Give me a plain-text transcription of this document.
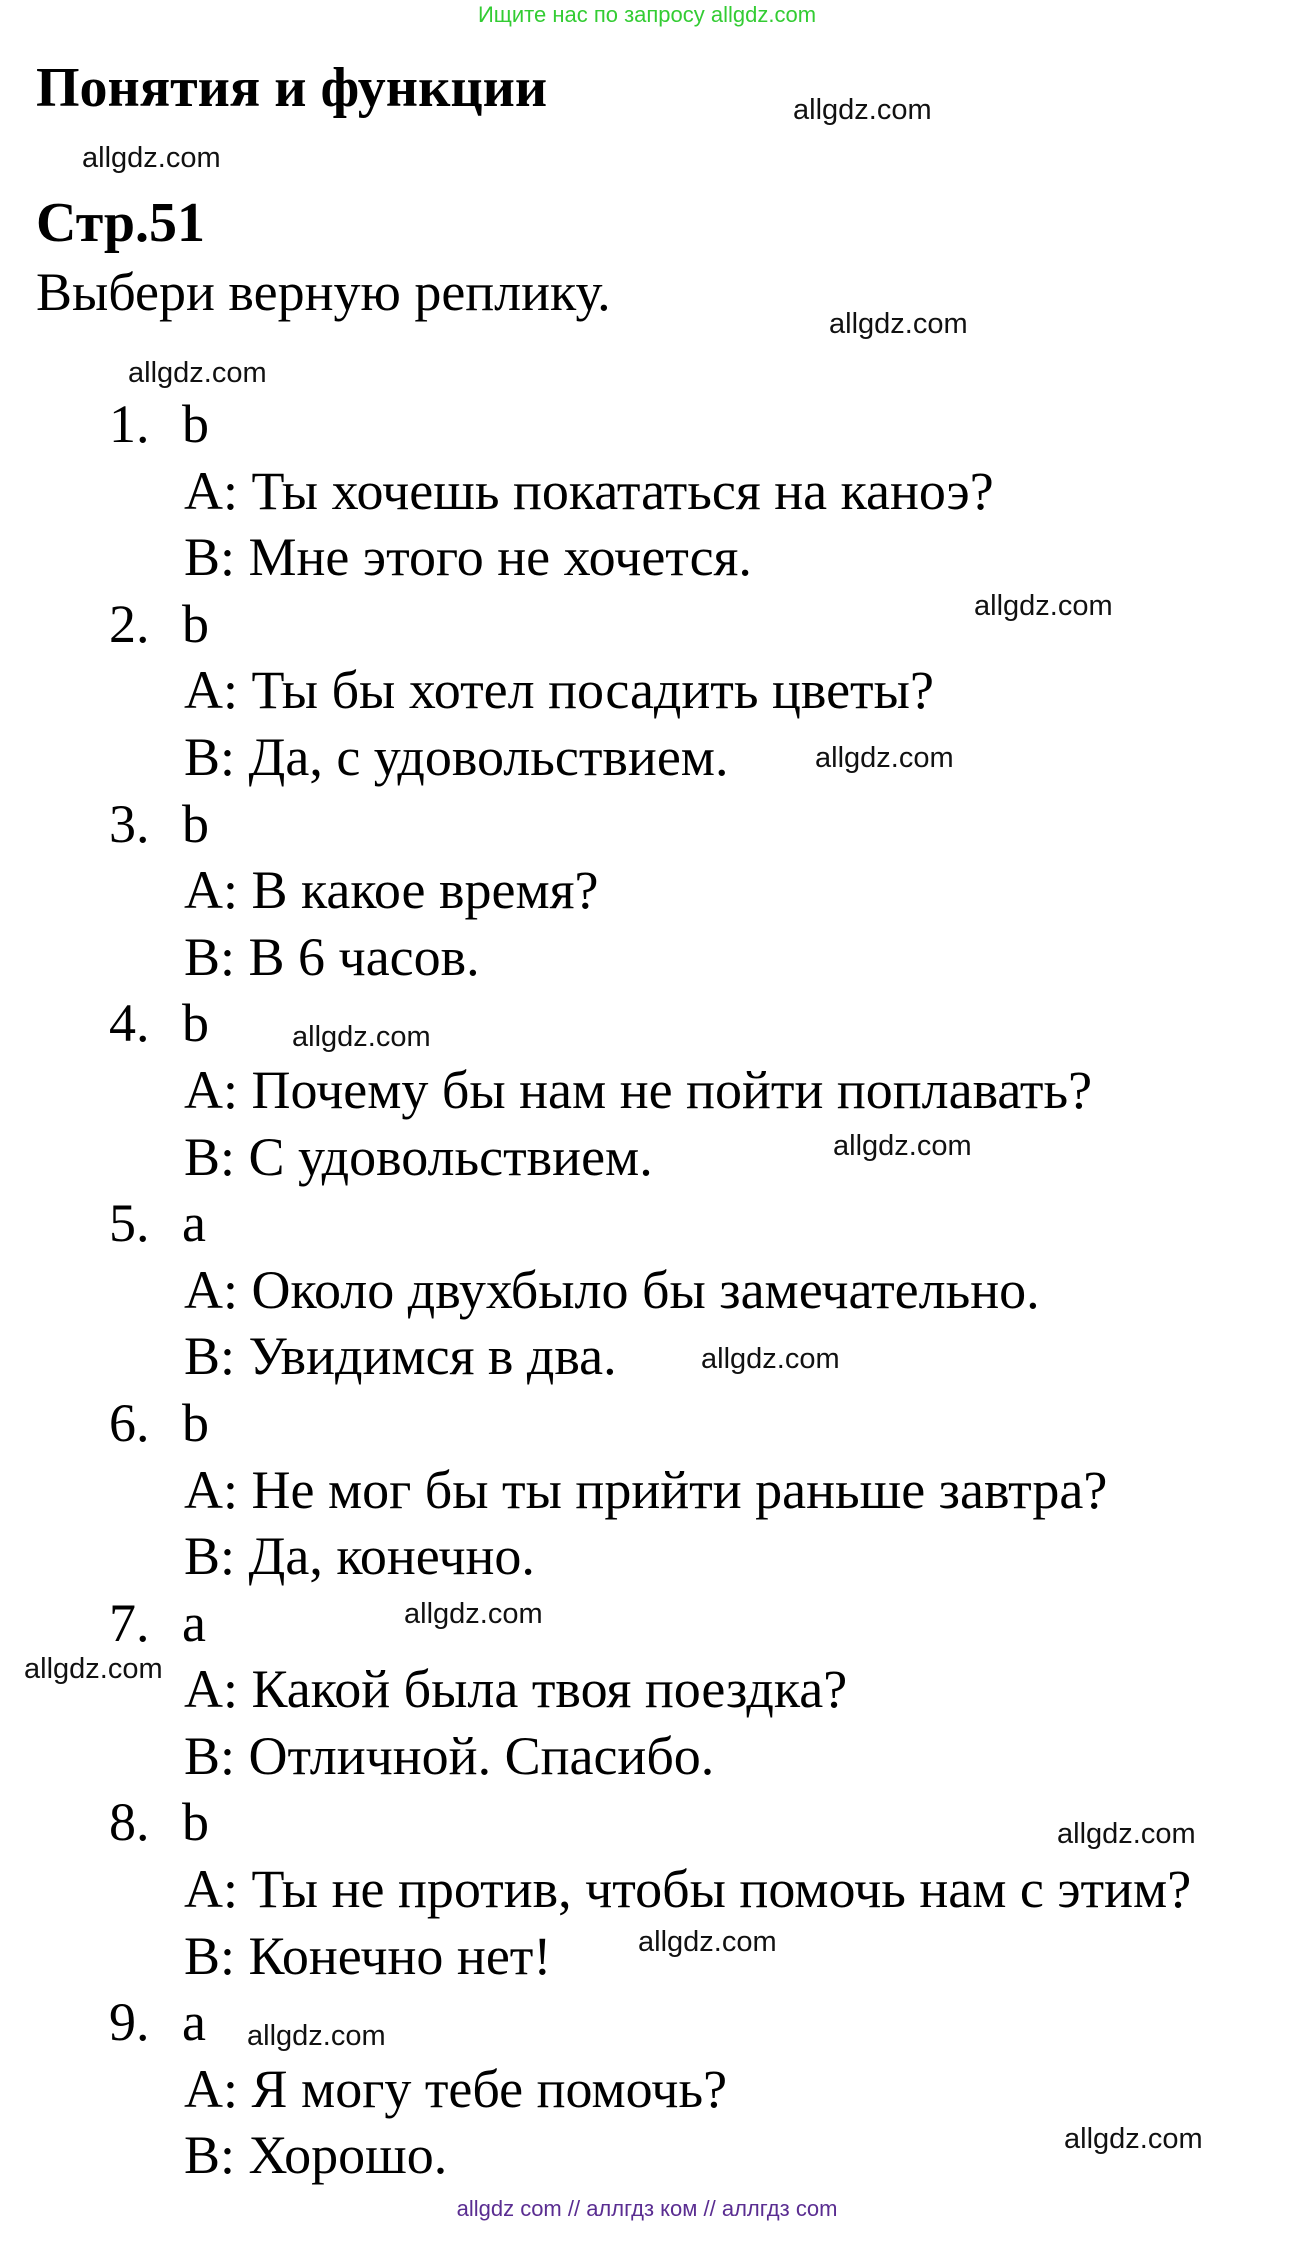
Ищите нас по запросу allgdz.com
Понятия и функции
Стр.51
Выбери верную реплику.
1. b
A: Ты хочешь покататься на каноэ?
B: Мне этого не хочется.
2. b
A: Ты бы хотел посадить цветы?
B: Да, с удовольствием.
3. b
A: В какое время?
B: В 6 часов.
4. b
A: Почему бы нам не пойти поплавать?
B: С удовольствием.
5. a
A: Около двухбыло бы замечательно.
B: Увидимся в два.
6. b
A: Не мог бы ты прийти раньше завтра?
B: Да, конечно.
7. a
A: Какой была твоя поездка?
B: Отличной. Спасибо.
8. b
A: Ты не против, чтобы помочь нам с этим?
B: Конечно нет!
9. a
A: Я могу тебе помочь?
B: Хорошо.
allgdz.com
allgdz.com
allgdz.com
allgdz.com
allgdz.com
allgdz.com
allgdz.com
allgdz.com
allgdz.com
allgdz.com
allgdz.com
allgdz.com
allgdz.com
allgdz.com
allgdz.com
allgdz com // аллгдз ком // аллгдз com
